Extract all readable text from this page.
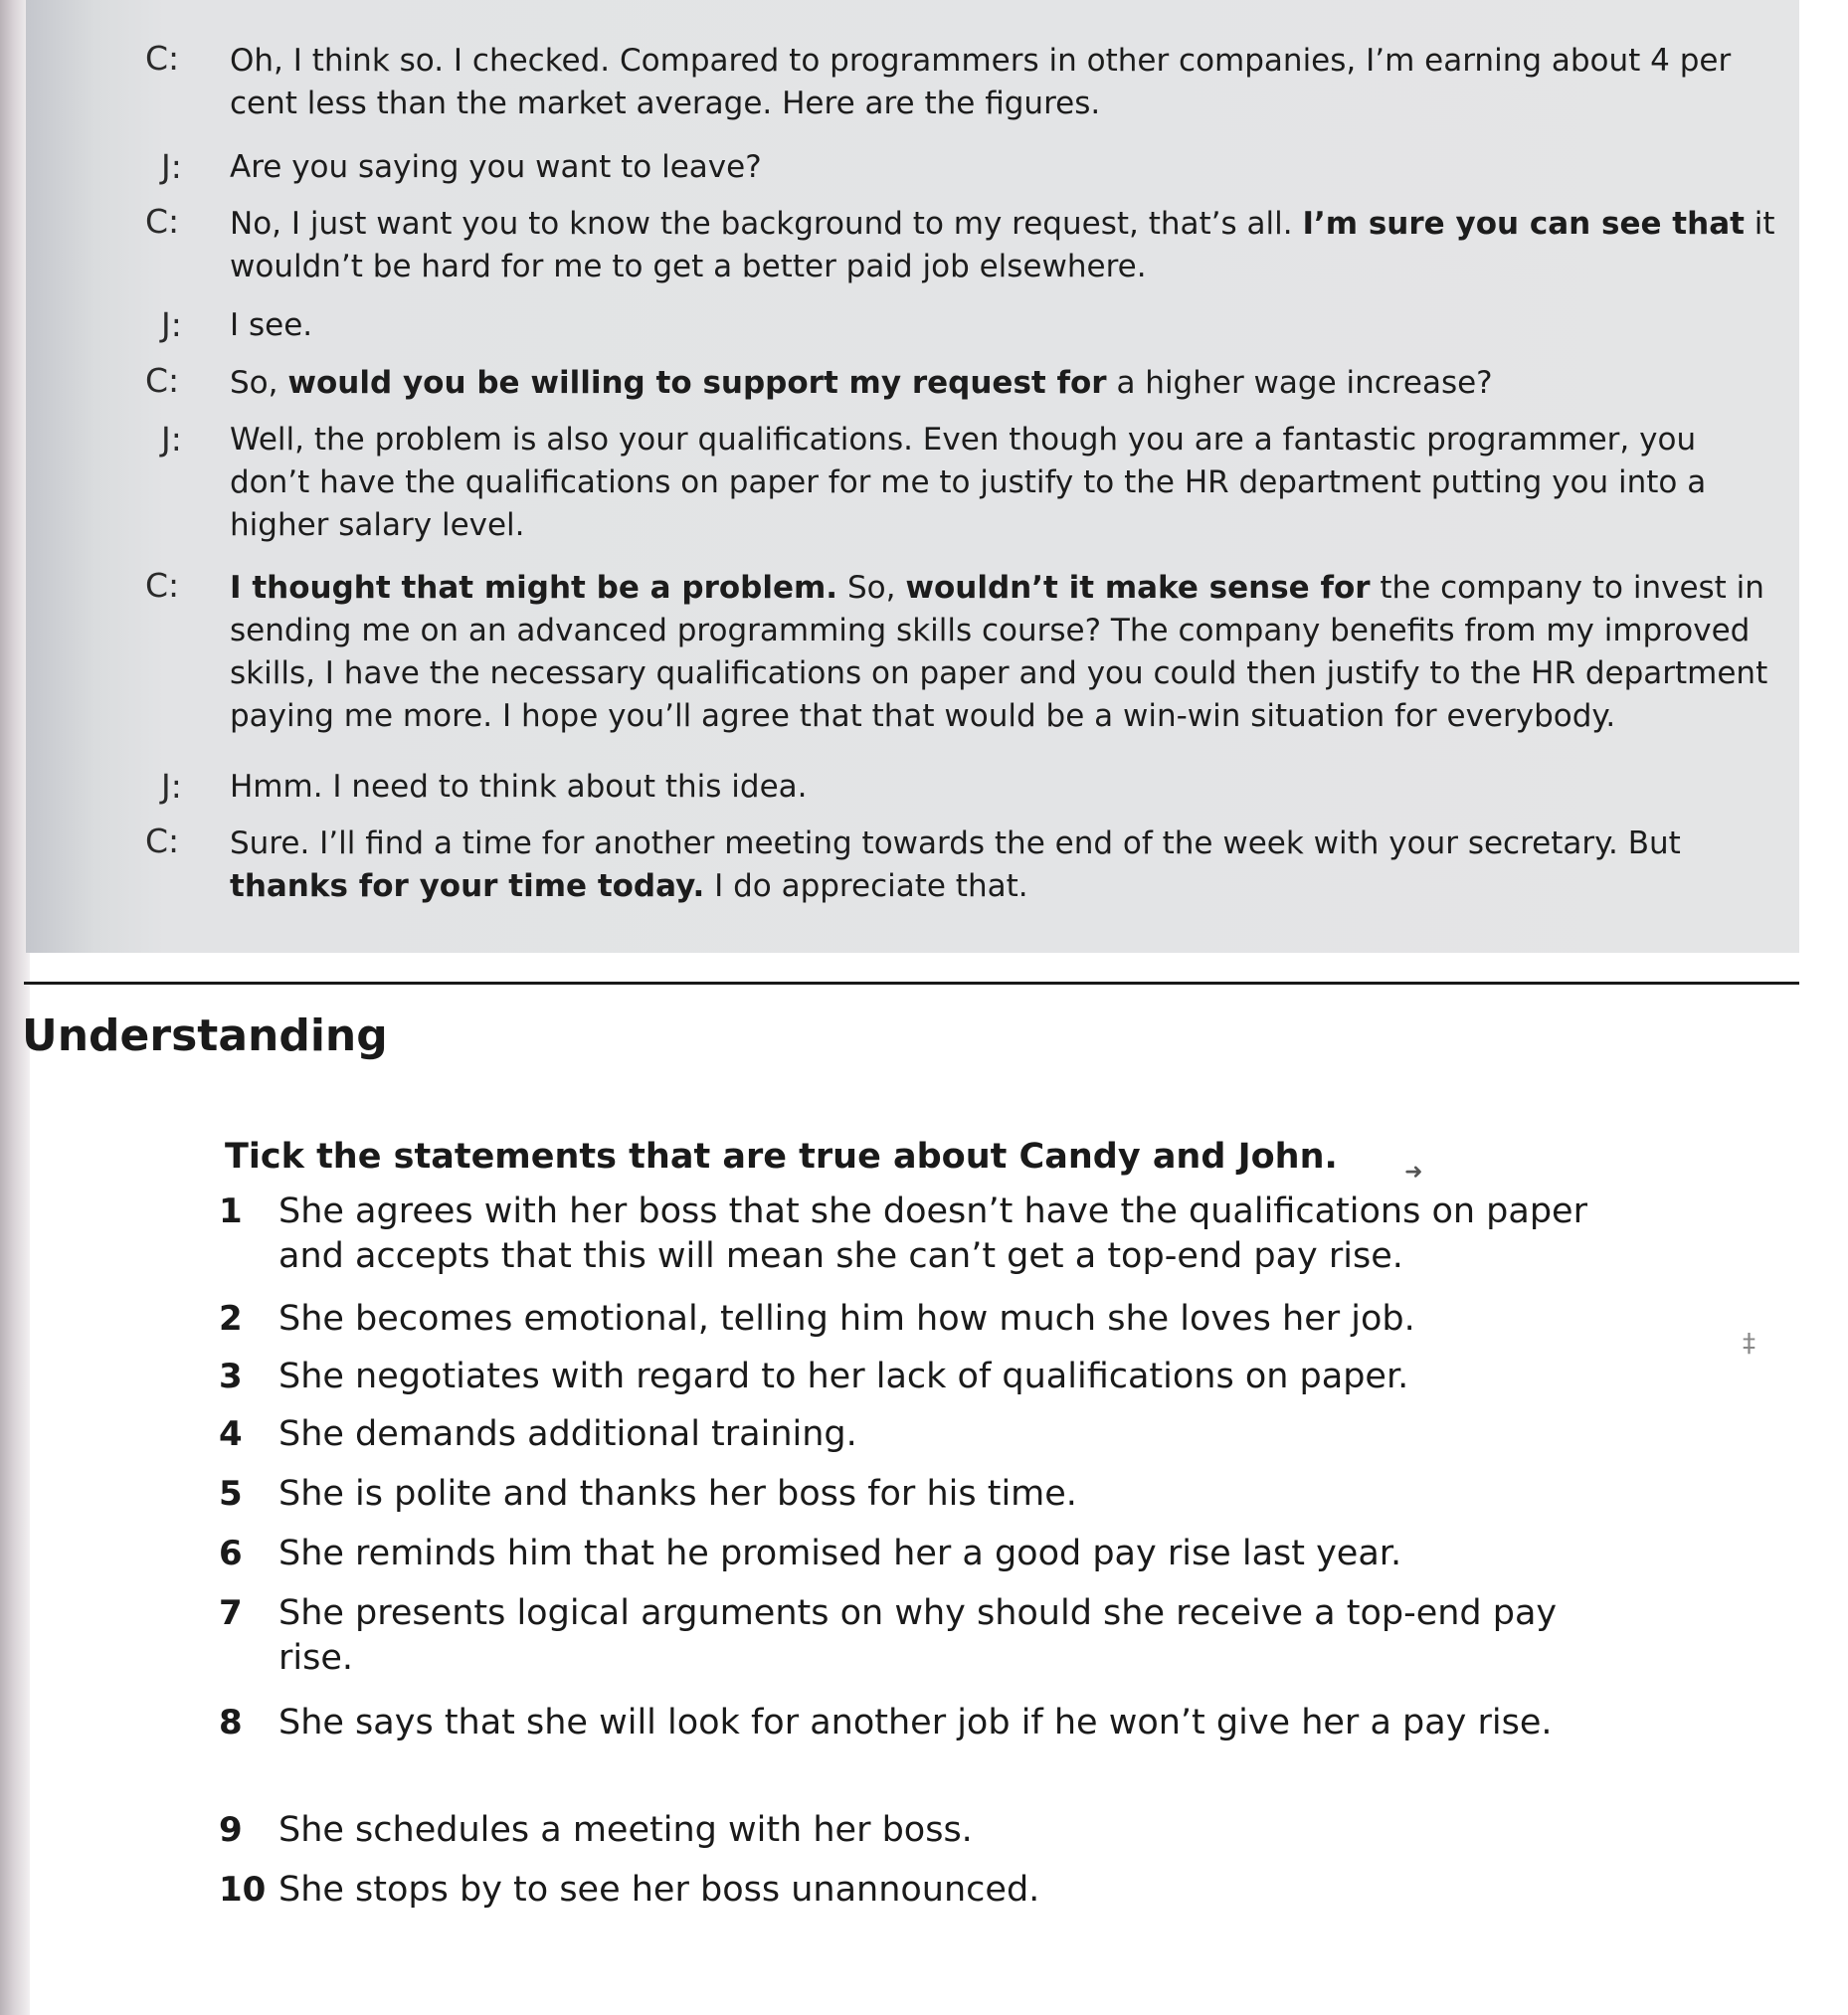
C:	Oh, I think so. I checked. Compared to programmers in other companies, I’m earning about 4 per cent less than the market average. Here are the figures.
J:	Are you saying you want to leave?
C:	No, I just want you to know the background to my request, that’s all. I’m sure you can see that it wouldn’t be hard for me to get a better paid job elsewhere.
J:	I see.
C:	So, would you be willing to support my request for a higher wage increase?
J:	Well, the problem is also your qualifications. Even though you are a fantastic programmer, you don’t have the qualifications on paper for me to justify to the HR department putting you into a higher salary level.
C:	I thought that might be a problem. So, wouldn’t it make sense for the company to invest in sending me on an advanced programming skills course? The company benefits from my improved skills, I have the necessary qualifications on paper and you could then justify to the HR department paying me more. I hope you’ll agree that that would be a win-win situation for everybody.
J:	Hmm. I need to think about this idea.
C:	Sure. I’ll find a time for another meeting towards the end of the week with your secretary. But thanks for your time today. I do appreciate that.
Understanding
Tick the statements that are true about Candy and John.
1	She agrees with her boss that she doesn’t have the qualifications on paper and accepts that this will mean she can’t get a top-end pay rise.
2	She becomes emotional, telling him how much she loves her job.
3	She negotiates with regard to her lack of qualifications on paper.
4	She demands additional training.
5	She is polite and thanks her boss for his time.
6	She reminds him that he promised her a good pay rise last year.
7	She presents logical arguments on why should she receive a top-end pay rise.
8	She says that she will look for another job if he won’t give her a pay rise.
9	She schedules a meeting with her boss.
10 She stops by to see her boss unannounced.
➜
‡
